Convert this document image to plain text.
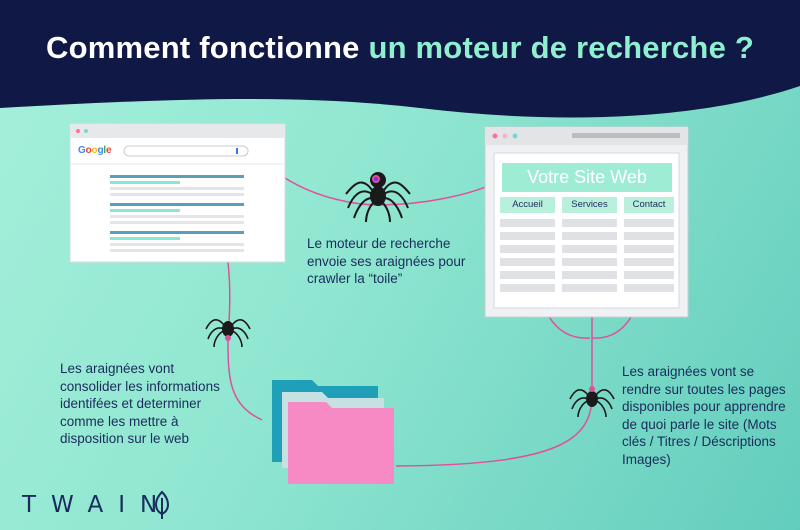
Comment fonctionne un moteur de recherche ?
Google
Votre Site Web
Accueil	Services	Contact
Le moteur de recherche
envoie ses araignées pour
crawler la “toile”
Les araignées vont
consolider les informations
identifées et determiner
comme les mettre à
disposition sur le web
Les araignées vont se
rendre sur toutes les pages
disponibles pour apprendre
de quoi parle le site (Mots
clés / Titres / Déscriptions
Images)
TWAIN
